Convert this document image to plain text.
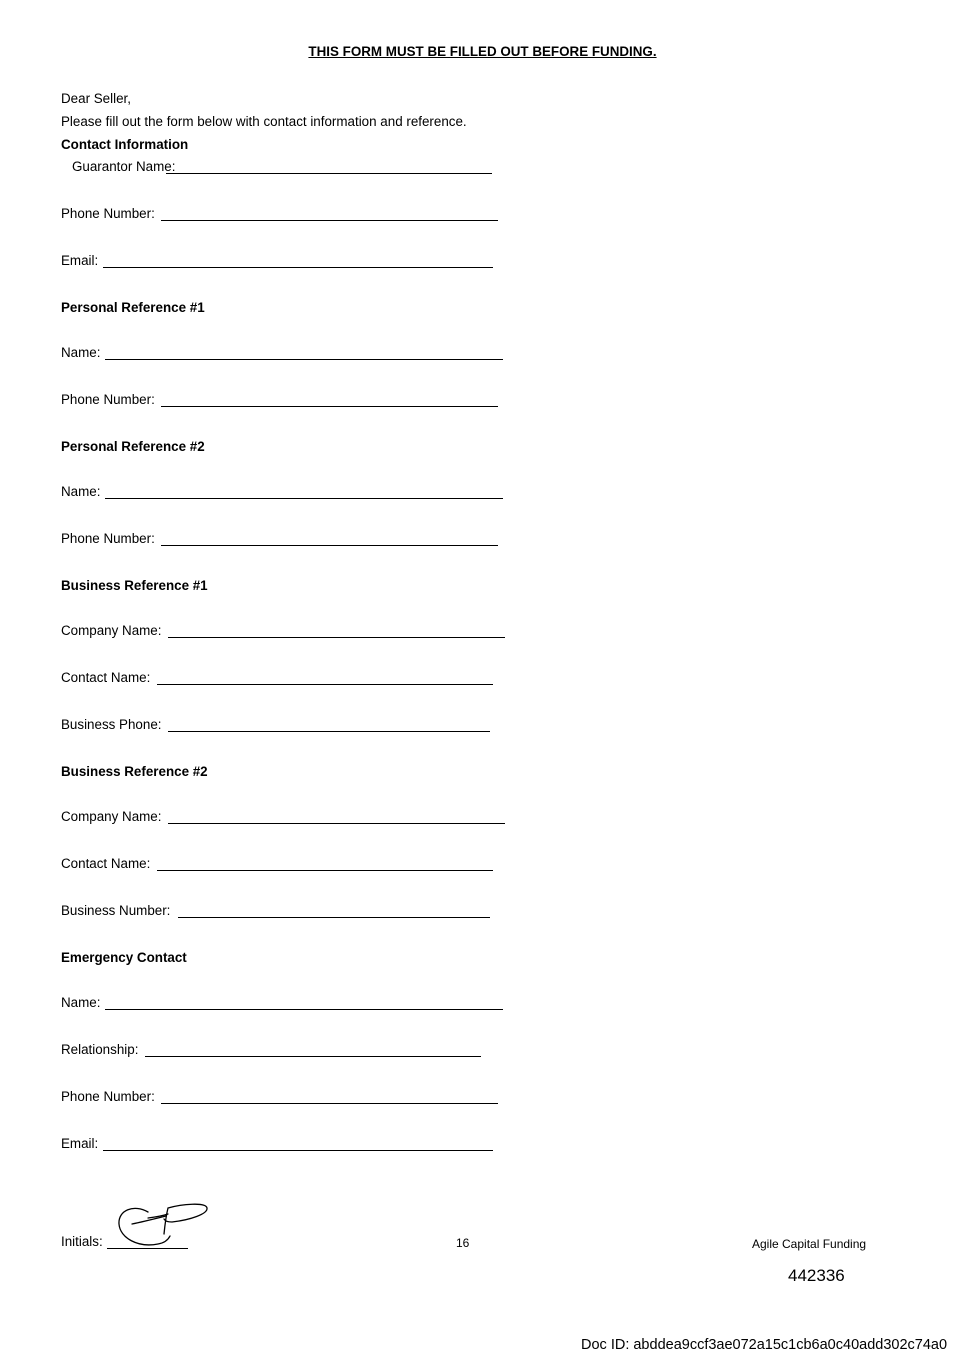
THIS FORM MUST BE FILLED OUT BEFORE FUNDING.
Dear Seller,
Please fill out the form below with contact information and reference.
Contact Information
Guarantor Name:
Phone Number:
Email:
Personal Reference #1
Name:
Phone Number:
Personal Reference #2
Name:
Phone Number:
Business Reference #1
Company Name:
Contact Name:
Business Phone:
Business Reference #2
Company Name:
Contact Name:
Business Number:
Emergency Contact
Name:
Relationship:
Phone Number:
Email:
Initials:	16	Agile Capital Funding
442336
Doc ID: abddea9ccf3ae072a15c1cb6a0c40add302c74a0
